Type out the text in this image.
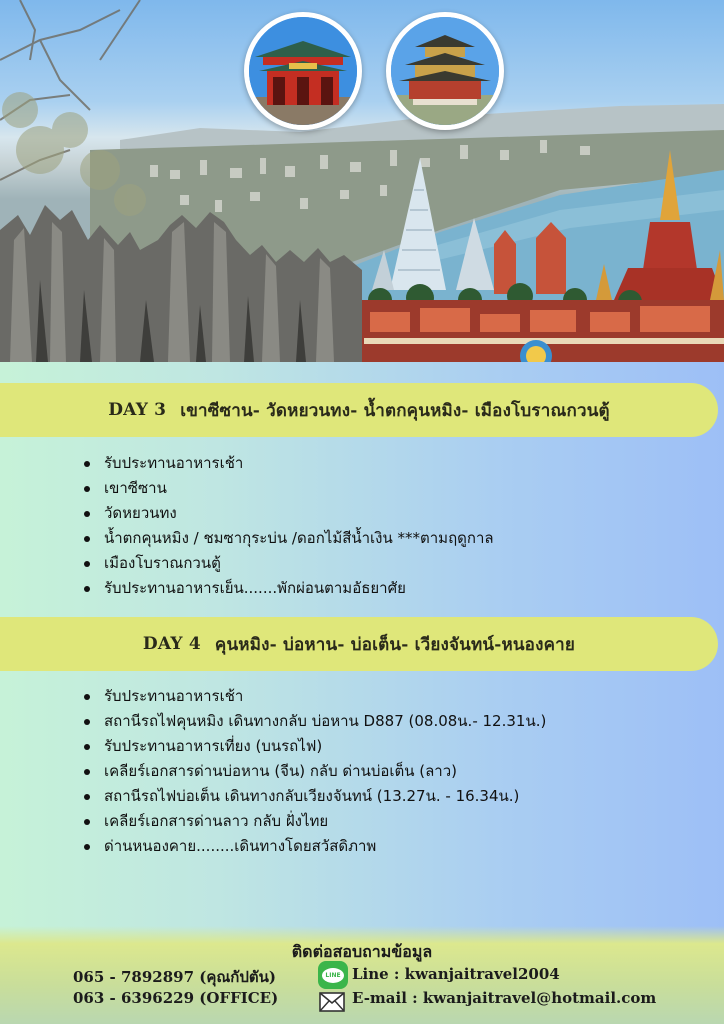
DAY 3 เขาซีซาน- วัดหยวนทง- น้ำตกคุนหมิง- เมืองโบราณกวนตู้
รับประทานอาหารเช้า
เขาซีซาน
วัดหยวนทง
น้ำตกคุนหมิง / ชมซากุระบ่น /ดอกไม้สีน้ำเงิน ***ตามฤดูกาล
เมืองโบราณกวนตู้
รับประทานอาหารเย็น.......พักผ่อนตามอัธยาศัย
DAY 4 คุนหมิง- บ่อหาน- บ่อเต็น- เวียงจันทน์-หนองคาย
รับประทานอาหารเช้า
สถานีรถไฟคุนหมิง เดินทางกลับ บ่อหาน D887 (08.08น.- 12.31น.)
รับประทานอาหารเที่ยง (บนรถไฟ)
เคลียร์เอกสารด่านบ่อหาน (จีน) กลับ ด่านบ่อเต็น (ลาว)
สถานีรถไฟบ่อเต็น เดินทางกลับเวียงจันทน์ (13.27น. - 16.34น.)
เคลียร์เอกสารด่านลาว กลับ ฝั่งไทย
ด่านหนองคาย........เดินทางโดยสวัสดิภาพ
ติดต่อสอบถามข้อมูล
065 - 7892897 (คุณกัปตัน)
063 - 6396229 (OFFICE)
LINE Line : kwanjaitravel2004
E-mail : kwanjaitravel@hotmail.com
